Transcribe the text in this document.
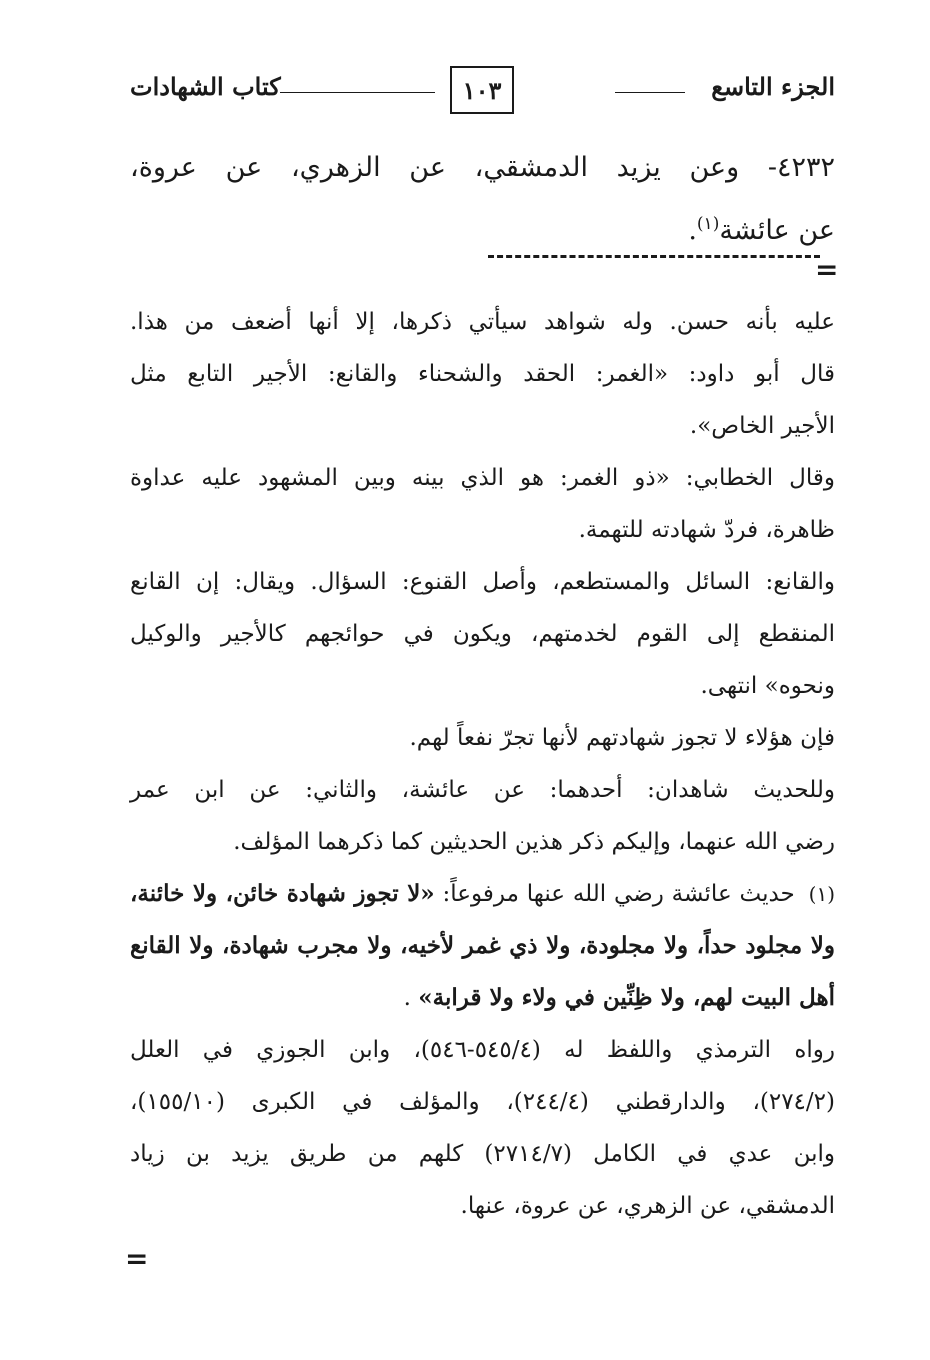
الجزء التاسع
١٠٣
كتاب الشهادات

٤٢٣٢- وعن يزيد الدمشقي، عن الزهري، عن عروة،

عن عائشة$^{(١)}$.

=

عليه بأنه حسن. وله شواهد سيأتي ذكرها، إلا أنها أضعف من هذا.

قال أبو داود: «الغمر: الحقد والشحناء والقانع: الأجير التابع مثل

الأجير الخاص».

وقال الخطابي: «ذو الغمر: هو الذي بينه وبين المشهود عليه عداوة

ظاهرة، فردّ شهادته للتهمة.

والقانع: السائل والمستطعم، وأصل القنوع: السؤال. ويقال: إن القانع

المنقطع إلى القوم لخدمتهم، ويكون في حوائجهم كالأجير والوكيل

ونحوه» انتهى.

فإن هؤلاء لا تجوز شهادتهم لأنها تجرّ نفعاً لهم.

وللحديث شاهدان: أحدهما: عن عائشة، والثاني: عن ابن عمر

رضي الله عنهما، وإليكم ذكر هذين الحديثين كما ذكرهما المؤلف.

(١) حديث عائشة رضي الله عنها مرفوعاً: «لا تجوز شهادة خائن، ولا خائنة،

ولا مجلود حداً، ولا مجلودة، ولا ذي غمر لأخيه، ولا مجرب شهادة، ولا القانع

أهل البيت لهم، ولا ظِنِّين في ولاء ولا قرابة» .

رواه الترمذي واللفظ له (٥٤٥/٤-٥٤٦)، وابن الجوزي في العلل

(٢٧٤/٢)، والدارقطني (٢٤٤/٤)، والمؤلف في الكبرى (١٥٥/١٠)،

وابن عدي في الكامل (٢٧١٤/٧) كلهم من طريق يزيد بن زياد

الدمشقي، عن الزهري، عن عروة، عنها.

=
